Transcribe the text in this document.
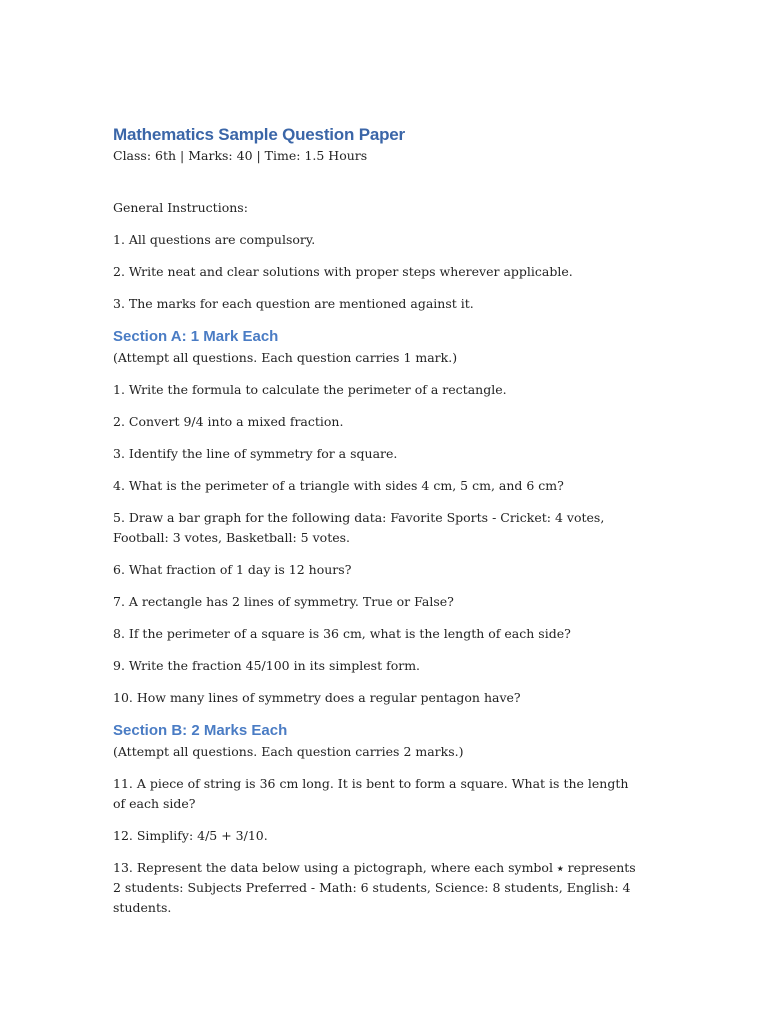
Mathematics Sample Question Paper

Class: 6th | Marks: 40 | Time: 1.5 Hours

General Instructions:

1. All questions are compulsory.

2. Write neat and clear solutions with proper steps wherever applicable.

3. The marks for each question are mentioned against it.

Section A: 1 Mark Each

(Attempt all questions. Each question carries 1 mark.)

1. Write the formula to calculate the perimeter of a rectangle.

2. Convert 9/4 into a mixed fraction.

3. Identify the line of symmetry for a square.

4. What is the perimeter of a triangle with sides 4 cm, 5 cm, and 6 cm?

5. Draw a bar graph for the following data: Favorite Sports - Cricket: 4 votes, Football: 3 votes, Basketball: 5 votes.

6. What fraction of 1 day is 12 hours?

7. A rectangle has 2 lines of symmetry. True or False?

8. If the perimeter of a square is 36 cm, what is the length of each side?

9. Write the fraction 45/100 in its simplest form.

10. How many lines of symmetry does a regular pentagon have?

Section B: 2 Marks Each

(Attempt all questions. Each question carries 2 marks.)

11. A piece of string is 36 cm long. It is bent to form a square. What is the length of each side?

12. Simplify: 4/5 + 3/10.

13. Represent the data below using a pictograph, where each symbol ⭑ represents 2 students: Subjects Preferred - Math: 6 students, Science: 8 students, English: 4 students.
